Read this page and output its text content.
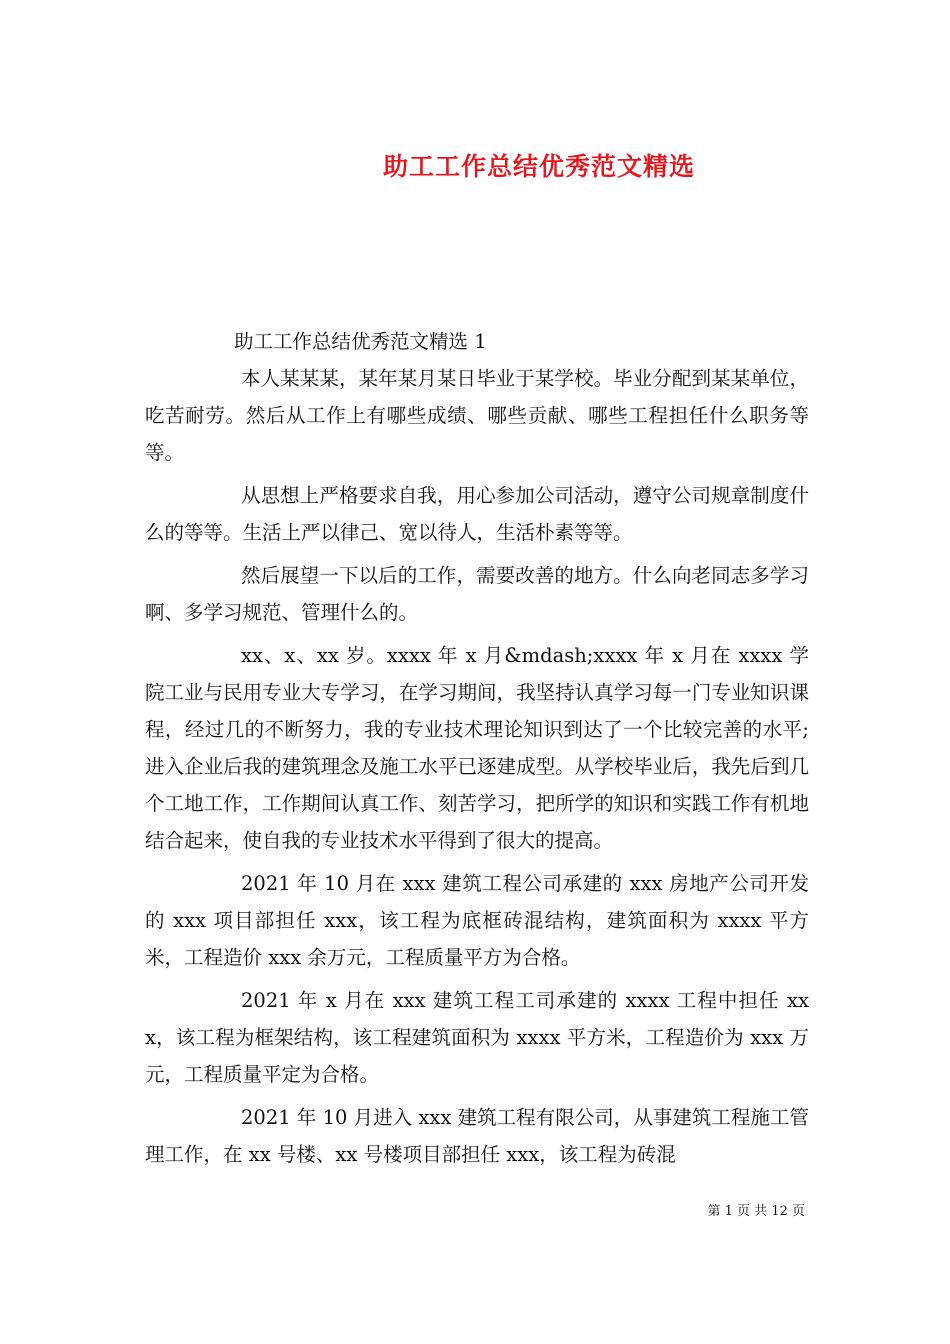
助工工作总结优秀范文精选

助工工作总结优秀范文精选 1

本人某某某，某年某月某日毕业于某学校。毕业分配到某某单位，吃苦耐劳。然后从工作上有哪些成绩、哪些贡献、哪些工程担任什么职务等等。

从思想上严格要求自我，用心参加公司活动，遵守公司规章制度什么的等等。生活上严以律己、宽以待人，生活朴素等等。

然后展望一下以后的工作，需要改善的地方。什么向老同志多学习啊、多学习规范、管理什么的。

xx、x、xx 岁。xxxx 年 x 月&mdash;xxxx 年 x 月在 xxxx 学院工业与民用专业大专学习，在学习期间，我坚持认真学习每一门专业知识课程，经过几的不断努力，我的专业技术理论知识到达了一个比较完善的水平;进入企业后我的建筑理念及施工水平已逐建成型。从学校毕业后，我先后到几个工地工作，工作期间认真工作、刻苦学习，把所学的知识和实践工作有机地结合起来，使自我的专业技术水平得到了很大的提高。

2021 年 10 月在 xxx 建筑工程公司承建的 xxx 房地产公司开发的 xxx 项目部担任 xxx，该工程为底框砖混结构，建筑面积为 xxxx 平方米，工程造价 xxx 余万元，工程质量平方为合格。

2021 年 x 月在 xxx 建筑工程工司承建的 xxxx 工程中担任 xxx，该工程为框架结构，该工程建筑面积为 xxxx 平方米，工程造价为 xxx 万元，工程质量平定为合格。

2021 年 10 月进入 xxx 建筑工程有限公司，从事建筑工程施工管理工作，在 xx 号楼、xx 号楼项目部担任 xxx，该工程为砖混

第 1 页 共 12 页
